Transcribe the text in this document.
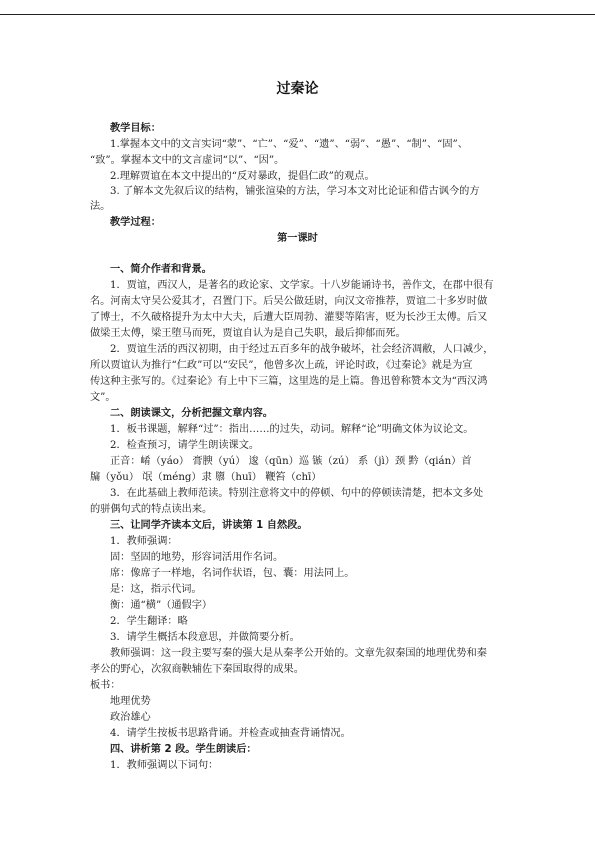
过秦论
教学目标：
1.掌握本文中的文言实词“蒙”、“亡”、“爱”、“遗”、“弱”、“愚”、“制”、“固”、
“致”。掌握本文中的文言虚词“以”、“因”。
2.理解贾谊在本文中提出的“反对暴政，提倡仁政”的观点。
3. 了解本文先叙后议的结构，铺张渲染的方法，学习本文对比论证和借古讽今的方
法。
教学过程：
第一课时
一、简介作者和背景。
1．贾谊，西汉人，是著名的政论家、文学家。十八岁能诵诗书，善作文，在郡中很有
名。河南太守吴公爱其才，召置门下。后吴公做廷尉，向汉文帝推荐，贾谊二十多岁时做
了博士，不久破格提升为太中大夫，后遭大臣周勃、灌婴等陷害，贬为长沙王太傅。后又
做梁王太傅，梁王堕马而死，贾谊自认为是自己失职，最后抑郁而死。
2．贾谊生活的西汉初期，由于经过五百多年的战争破坏，社会经济凋敝，人口减少，
所以贾谊认为推行“仁政”可以“安民”，他曾多次上疏，评论时政，《过秦论》就是为宣
传这种主张写的。《过秦论》有上中下三篇，这里选的是上篇。鲁迅曾称赞本文为“西汉鸿
文”。
二、朗读课文，分析把握文章内容。
1．板书课题，解释“过”：指出……的过失，动词。解释“论”明确文体为议论文。
2．检查预习，请学生朗读课文。
正音：崤（yáo） 膏腴（yú） 逡（qūn）巡 镞（zú） 系（jì）颈 黔（qián）首
牖（yǒu） 氓（méng）隶 隳（huī） 鞭笞（chī）
3．在此基础上教师范读。特别注意将文中的停顿、句中的停顿读清楚，把本文多处
的骈偶句式的特点读出来。
三、让同学齐读本文后，讲读第 1 自然段。
1．教师强调：
固：坚固的地势，形容词活用作名词。
席：像席子一样地，名词作状语，包、囊：用法同上。
是：这，指示代词。
衡：通“横”（通假字）
2．学生翻译：略
3．请学生概括本段意思，并做简要分析。
教师强调：这一段主要写秦的强大是从秦孝公开始的。文章先叙秦国的地理优势和秦
孝公的野心，次叙商鞅辅佐下秦国取得的成果。
板书：
地理优势
政治雄心
4．请学生按板书思路背诵。并检查或抽查背诵情况。
四、讲析第 2 段。学生朗读后：
1．教师强调以下词句：
